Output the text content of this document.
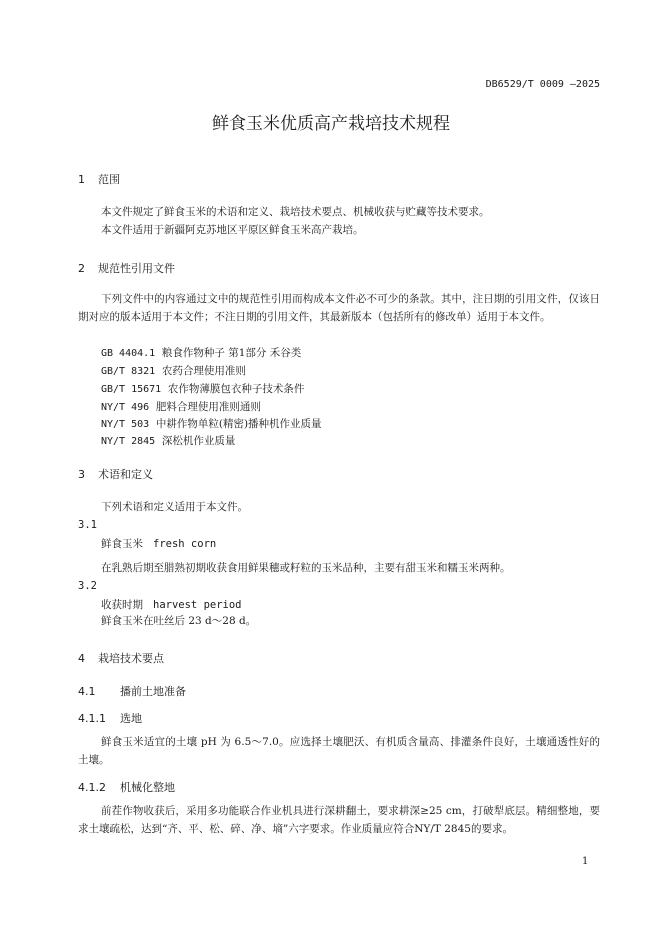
DB6529/T 0009 —2025
鲜食玉米优质高产栽培技术规程
1 范围

本文件规定了鲜食玉米的术语和定义、栽培技术要点、机械收获与贮藏等技术要求。

本文件适用于新疆阿克苏地区平原区鲜食玉米高产栽培。

2 规范性引用文件

下列文件中的内容通过文中的规范性引用而构成本文件必不可少的条款。其中，注日期的引用文件，仅该日期对应的版本适用于本文件；不注日期的引用文件，其最新版本（包括所有的修改单）适用于本文件。

GB 4404.1 粮食作物种子 第1部分 禾谷类
GB/T 8321 农药合理使用准则
GB/T 15671 农作物薄膜包衣种子技术条件
NY/T 496 肥料合理使用准则通则
NY/T 503 中耕作物单粒(精密)播种机作业质量
NY/T 2845 深松机作业质量
3 术语和定义

下列术语和定义适用于本文件。

3.1
鲜食玉米 fresh corn

在乳熟后期至腊熟初期收获食用鲜果穗或籽粒的玉米品种，主要有甜玉米和糯玉米两种。

3.2
收获时期 harvest period

鲜食玉米在吐丝后 23 d～28 d。

4 栽培技术要点
4.1 播前土地准备
4.1.1 选地

鲜食玉米适宜的土壤 pH 为 6.5～7.0。应选择土壤肥沃、有机质含量高、排灌条件良好，土壤通透性好的土壤。

4.1.2 机械化整地

前茬作物收获后，采用多功能联合作业机具进行深耕翻土，要求耕深≥25 cm，打破犁底层。精细整地，要求土壤疏松，达到“齐、平、松、碎、净、墒”六字要求。作业质量应符合NY/T 2845的要求。

1
